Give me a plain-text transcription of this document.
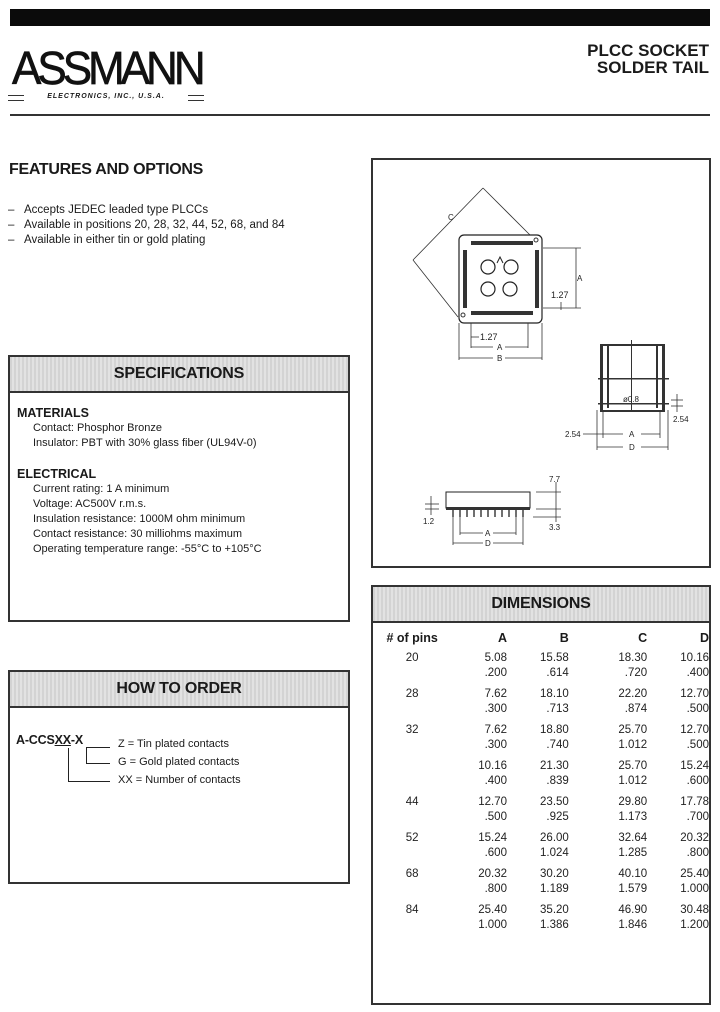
ASSMANN
ELECTRONICS, INC., U.S.A.
PLCC SOCKET
SOLDER TAIL
FEATURES AND OPTIONS
– Accepts JEDEC leaded type PLCCs
– Available in positions 20, 28, 32, 44, 52, 68, and 84
– Available in either tin or gold plating
SPECIFICATIONS
MATERIALS
Contact: Phosphor Bronze
Insulator: PBT with 30% glass fiber (UL94V-0)
ELECTRICAL
Current rating: 1 A minimum
Voltage: AC500V r.m.s.
Insulation resistance: 1000M ohm minimum
Contact resistance: 30 milliohms maximum
Operating temperature range: -55°C to +105°C
HOW TO ORDER
A-CCSXX-X	Z = Tin plated contacts
G = Gold plated contacts
XX = Number of contacts
C
A
1.27
1.27
A
B
ø0.8
2.54
2.54	A
D
7.7
1.2
3.3
A
D
DIMENSIONS
# of pins	A	B	C	D
20	5.08	15.58	18.30	10.16
	.200	.614	.720	.400
28	7.62	18.10	22.20	12.70
	.300	.713	.874	.500
32	7.62	18.80	25.70	12.70
	.300	.740	1.012	.500
	10.16	21.30	25.70	15.24
	.400	.839	1.012	.600
44	12.70	23.50	29.80	17.78
	.500	.925	1.173	.700
52	15.24	26.00	32.64	20.32
	.600	1.024	1.285	.800
68	20.32	30.20	40.10	25.40
	.800	1.189	1.579	1.000
84	25.40	35.20	46.90	30.48
	1.000	1.386	1.846	1.200
